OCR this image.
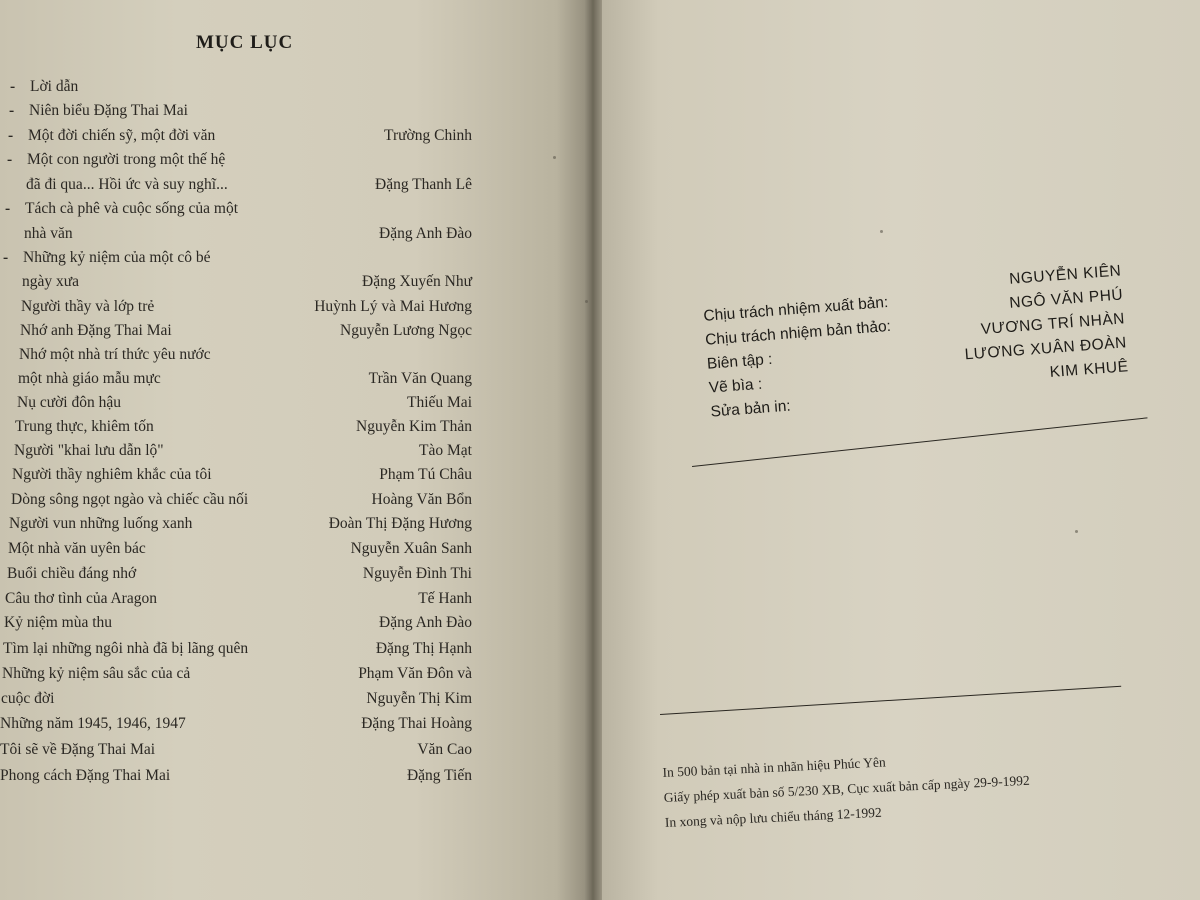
MỤC LỤC
- Lời dẫn
- Niên biểu Đặng Thai Mai
- Một đời chiến sỹ, một đời văn	Trường Chinh
- Một con người trong một thế hệ
đã đi qua... Hồi ức và suy nghĩ...	Đặng Thanh Lê
- Tách cà phê và cuộc sống của một
nhà văn	Đặng Anh Đào
- Những kỷ niệm của một cô bé
ngày xưa	Đặng Xuyến Như
Người thầy và lớp trẻ	Huỳnh Lý và Mai Hương
Nhớ anh Đặng Thai Mai	Nguyễn Lương Ngọc
Nhớ một nhà trí thức yêu nước
một nhà giáo mẫu mực	Trần Văn Quang
Nụ cười đôn hậu	Thiếu Mai
Trung thực, khiêm tốn	Nguyễn Kim Thản
Người "khai lưu dẫn lộ"	Tào Mạt
Người thầy nghiêm khắc của tôi	Phạm Tú Châu
Dòng sông ngọt ngào và chiếc cầu nối	Hoàng Văn Bổn
Người vun những luống xanh	Đoàn Thị Đặng Hương
Một nhà văn uyên bác	Nguyễn Xuân Sanh
Buổi chiều đáng nhớ	Nguyễn Đình Thi
Câu thơ tình của Aragon	Tế Hanh
Kỷ niệm mùa thu	Đặng Anh Đào
Tìm lại những ngôi nhà đã bị lãng quên	Đặng Thị Hạnh
Những kỷ niệm sâu sắc của cả	Phạm Văn Đôn và
cuộc đời	Nguyễn Thị Kim
Những năm 1945, 1946, 1947	Đặng Thai Hoàng
Tôi sẽ về Đặng Thai Mai	Văn Cao
Phong cách Đặng Thai Mai	Đặng Tiến
Chịu trách nhiệm xuất bản:
NGUYỄN KIÊN
Chịu trách nhiệm bản thảo:
NGÔ VĂN PHÚ
Biên tập :
VƯƠNG TRÍ NHÀN
Vẽ bìa :
LƯƠNG XUÂN ĐOÀN
Sửa bản in:
KIM KHUÊ
In 500 bản tại nhà in nhãn hiệu Phúc Yên
Giấy phép xuất bản số 5/230 XB, Cục xuất bản cấp ngày 29-9-1992
In xong và nộp lưu chiểu tháng 12-1992
